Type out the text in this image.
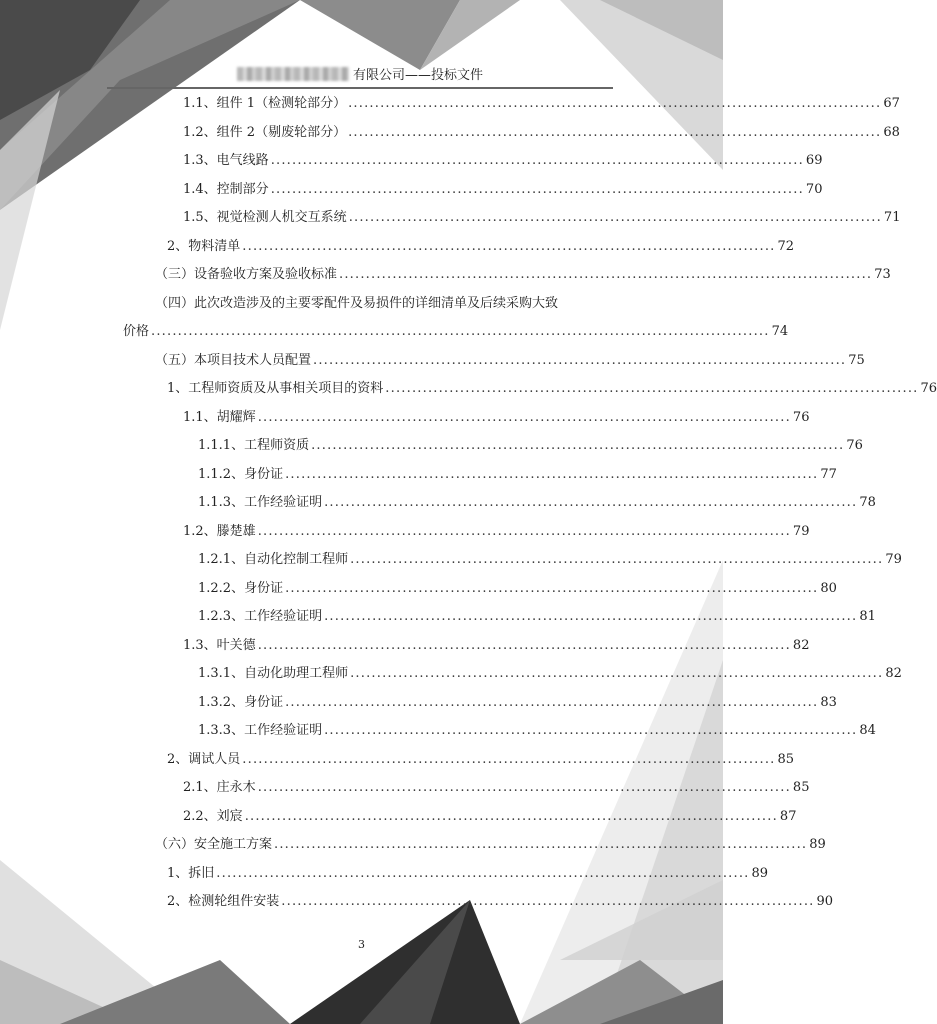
有限公司——投标文件
1.1、组件 1（检测轮部分） .................................................................................................... 67
1.2、组件 2（剔废轮部分） .................................................................................................... 68
1.3、电气线路 .................................................................................................... 69
1.4、控制部分 .................................................................................................... 70
1.5、视觉检测人机交互系统 .................................................................................................... 71
2、物料清单 .................................................................................................... 72
（三）设备验收方案及验收标准 .................................................................................................... 73
（四）此次改造涉及的主要零配件及易损件的详细清单及后续采购大致
价格 .................................................................................................................... 74
（五）本项目技术人员配置 .................................................................................................... 75
1、工程师资质及从事相关项目的资料 .................................................................................................... 76
1.1、胡耀辉 .................................................................................................... 76
1.1.1、工程师资质 .................................................................................................... 76
1.1.2、身份证 .................................................................................................... 77
1.1.3、工作经验证明 .................................................................................................... 78
1.2、滕楚雄 .................................................................................................... 79
1.2.1、自动化控制工程师 .................................................................................................... 79
1.2.2、身份证 .................................................................................................... 80
1.2.3、工作经验证明 .................................................................................................... 81
1.3、叶关德 .................................................................................................... 82
1.3.1、自动化助理工程师 .................................................................................................... 82
1.3.2、身份证 .................................................................................................... 83
1.3.3、工作经验证明 .................................................................................................... 84
2、调试人员 .................................................................................................... 85
2.1、庄永木 .................................................................................................... 85
2.2、刘宸 .................................................................................................... 87
（六）安全施工方案 .................................................................................................... 89
1、拆旧 .................................................................................................... 89
2、检测轮组件安装 .................................................................................................... 90
3
